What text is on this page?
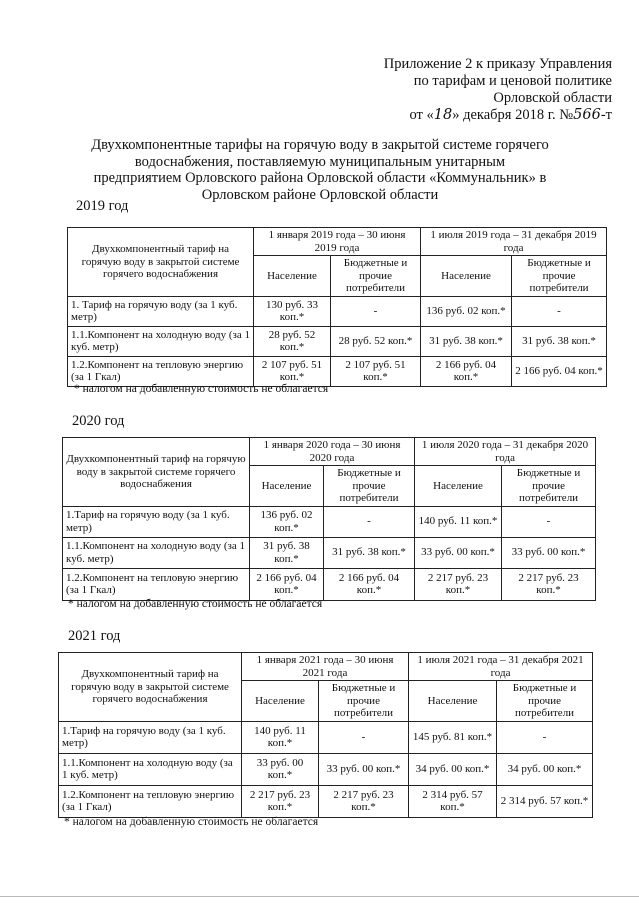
Приложение 2 к приказу Управления
по тарифам и ценовой политике
Орловской области
от «18» декабря 2018 г. №566-т
Двухкомпонентные тарифы на горячую воду в закрытой системе горячего водоснабжения, поставляемую муниципальным унитарным предприятием Орловского района Орловской области «Коммунальник» в Орловском районе Орловской области
2019 год
Двухкомпонентный тариф на горячую воду в закрытой системе горячего водоснабжения	1 января 2019 года – 30 июня 2019 года		1 июля 2019 года – 31 декабря 2019 года	
	Население	Бюджетные и прочие потребители	Население	Бюджетные и прочие потребители
1. Тариф на горячую воду (за 1 куб. метр)	130 руб. 33 коп.*	-	136 руб. 02 коп.*	-
1.1.Компонент на холодную воду (за 1 куб. метр)	28 руб. 52 коп.*	28 руб. 52 коп.*	31 руб. 38 коп.*	31 руб. 38 коп.*
1.2.Компонент на тепловую энергию (за 1 Гкал)	2 107 руб. 51 коп.*	2 107 руб. 51 коп.*	2 166 руб. 04 коп.*	2 166 руб. 04 коп.*
* налогом на добавленную стоимость не облагается
2020 год
Двухкомпонентный тариф на горячую воду в закрытой системе горячего водоснабжения	1 января 2020 года – 30 июня 2020 года		1 июля 2020 года – 31 декабря 2020 года	
	Население	Бюджетные и прочие потребители	Население	Бюджетные и прочие потребители
1.Тариф на горячую воду (за 1 куб. метр)	136 руб. 02 коп.*	-	140 руб. 11 коп.*	-
1.1.Компонент на холодную воду (за 1 куб. метр)	31 руб. 38 коп.*	31 руб. 38 коп.*	33 руб. 00 коп.*	33 руб. 00 коп.*
1.2.Компонент на тепловую энергию (за 1 Гкал)	2 166 руб. 04 коп.*	2 166 руб. 04 коп.*	2 217 руб. 23 коп.*	2 217 руб. 23 коп.*
* налогом на добавленную стоимость не облагается
2021 год
Двухкомпонентный тариф на горячую воду в закрытой системе горячего водоснабжения	1 января 2021 года – 30 июня 2021 года		1 июля 2021 года – 31 декабря 2021 года	
	Население	Бюджетные и прочие потребители	Население	Бюджетные и прочие потребители
1.Тариф на горячую воду (за 1 куб. метр)	140 руб. 11 коп.*	-	145 руб. 81 коп.*	-
1.1.Компонент на холодную воду (за 1 куб. метр)	33 руб. 00 коп.*	33 руб. 00 коп.*	34 руб. 00 коп.*	34 руб. 00 коп.*
1.2.Компонент на тепловую энергию (за 1 Гкал)	2 217 руб. 23 коп.*	2 217 руб. 23 коп.*	2 314 руб. 57 коп.*	2 314 руб. 57 коп.*
* налогом на добавленную стоимость не облагается
